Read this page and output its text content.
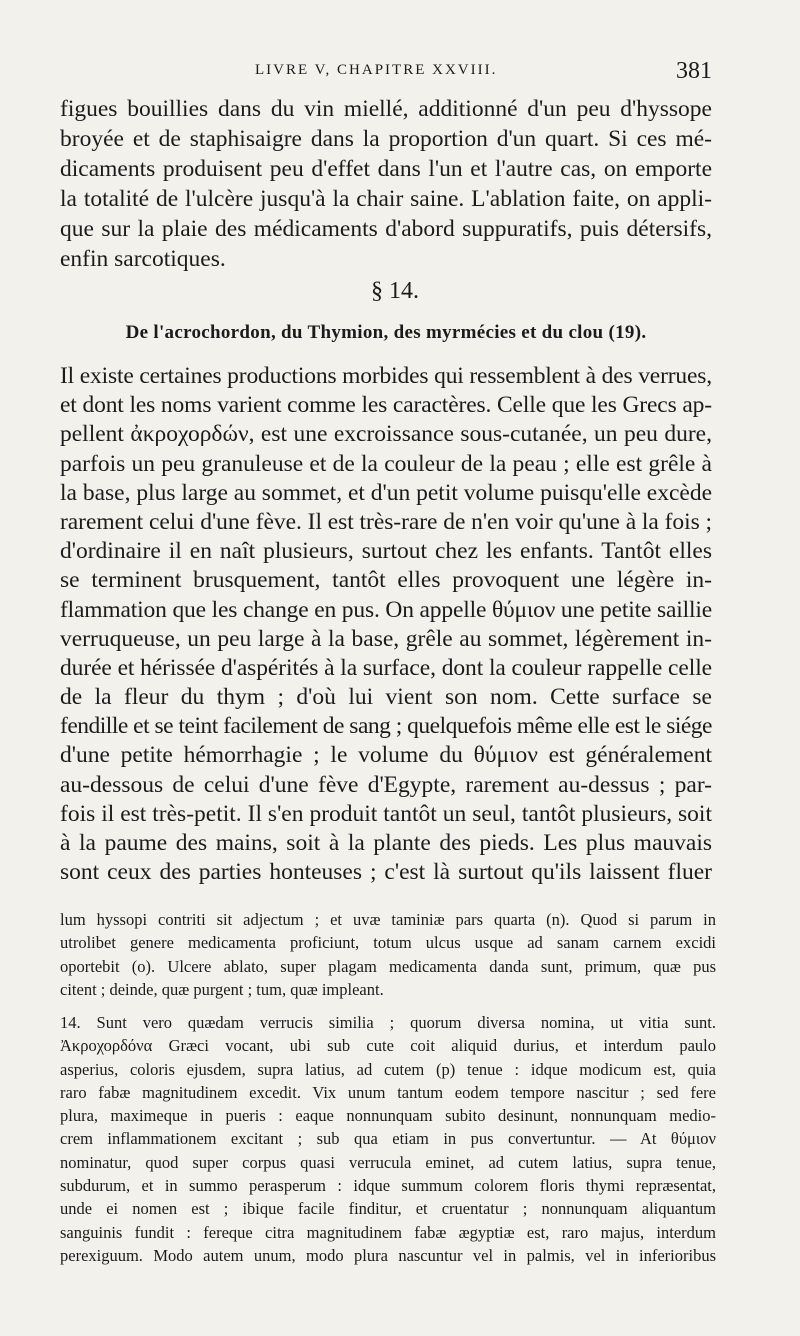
LIVRE V, CHAPITRE XXVIII.	381
figues bouillies dans du vin miellé, additionné d'un peu d'hyssope
broyée et de staphisaigre dans la proportion d'un quart. Si ces mé-
dicaments produisent peu d'effet dans l'un et l'autre cas, on emporte
la totalité de l'ulcère jusqu'à la chair saine. L'ablation faite, on appli-
que sur la plaie des médicaments d'abord suppuratifs, puis détersifs,
enfin sarcotiques.
§ 14.
De l'acrochordon, du Thymion, des myrmécies et du clou (19).
Il existe certaines productions morbides qui ressemblent à des verrues,
et dont les noms varient comme les caractères. Celle que les Grecs ap-
pellent ἀκροχορδών, est une excroissance sous-cutanée, un peu dure,
parfois un peu granuleuse et de la couleur de la peau ; elle est grêle à
la base, plus large au sommet, et d'un petit volume puisqu'elle excède
rarement celui d'une fève. Il est très-rare de n'en voir qu'une à la fois ;
d'ordinaire il en naît plusieurs, surtout chez les enfants. Tantôt elles
se terminent brusquement, tantôt elles provoquent une légère in-
flammation que les change en pus. On appelle θύμιον une petite saillie
verruqueuse, un peu large à la base, grêle au sommet, légèrement in-
durée et hérissée d'aspérités à la surface, dont la couleur rappelle celle
de la fleur du thym ; d'où lui vient son nom. Cette surface se
fendille et se teint facilement de sang ; quelquefois même elle est le siége
d'une petite hémorrhagie ; le volume du θύμιον est généralement
au-dessous de celui d'une fève d'Egypte, rarement au-dessus ; par-
fois il est très-petit. Il s'en produit tantôt un seul, tantôt plusieurs, soit
à la paume des mains, soit à la plante des pieds. Les plus mauvais
sont ceux des parties honteuses ; c'est là surtout qu'ils laissent fluer
lum hyssopi contriti sit adjectum ; et uvæ taminiæ pars quarta (n). Quod si parum in
utrolibet genere medicamenta proficiunt, totum ulcus usque ad sanam carnem excidi
oportebit (o). Ulcere ablato, super plagam medicamenta danda sunt, primum, quæ pus
citent ; deinde, quæ purgent ; tum, quæ impleant.
14. Sunt vero quædam verrucis similia ; quorum diversa nomina, ut vitia sunt.
Ἀκροχορδόνα Græci vocant, ubi sub cute coit aliquid durius, et interdum paulo
asperius, coloris ejusdem, supra latius, ad cutem (p) tenue : idque modicum est, quia
raro fabæ magnitudinem excedit. Vix unum tantum eodem tempore nascitur ; sed fere
plura, maximeque in pueris : eaque nonnunquam subito desinunt, nonnunquam medio-
crem inflammationem excitant ; sub qua etiam in pus convertuntur. — At θύμιον
nominatur, quod super corpus quasi verrucula eminet, ad cutem latius, supra tenue,
subdurum, et in summo perasperum : idque summum colorem floris thymi repræsentat,
unde ei nomen est ; ibique facile finditur, et cruentatur ; nonnunquam aliquantum
sanguinis fundit : fereque citra magnitudinem fabæ ægyptiæ est, raro majus, interdum
perexiguum. Modo autem unum, modo plura nascuntur vel in palmis, vel in inferioribus
